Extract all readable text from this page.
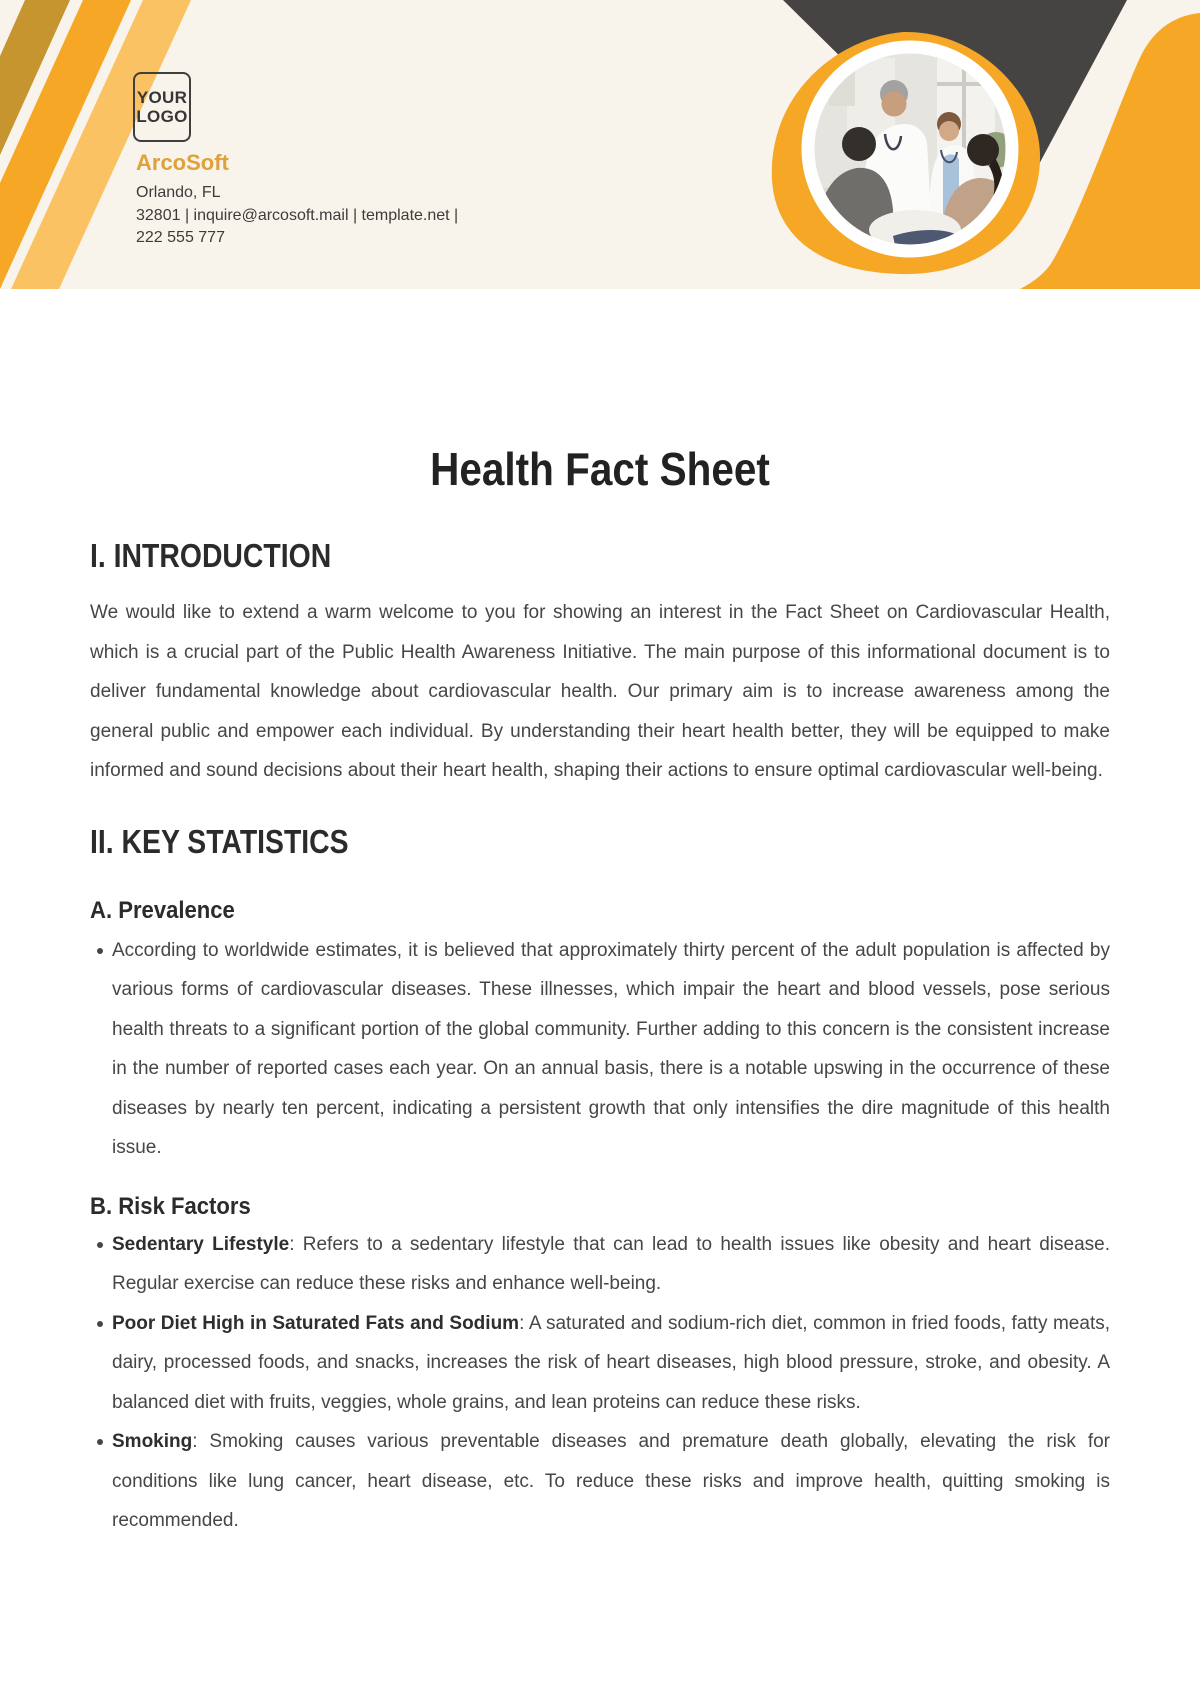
YOUR
LOGO
ArcoSoft
Orlando, FL
32801 | inquire@arcosoft.mail | template.net |
222 555 777
Health Fact Sheet
I. INTRODUCTION

We would like to extend a warm welcome to you for showing an interest in the Fact Sheet on Cardiovascular Health, which is a crucial part of the Public Health Awareness Initiative. The main purpose of this informational document is to deliver fundamental knowledge about cardiovascular health. Our primary aim is to increase awareness among the general public and empower each individual. By understanding their heart health better, they will be equipped to make informed and sound decisions about their heart health, shaping their actions to ensure optimal cardiovascular well-being.

II. KEY STATISTICS
A. Prevalence
According to worldwide estimates, it is believed that approximately thirty percent of the adult population is affected by various forms of cardiovascular diseases. These illnesses, which impair the heart and blood vessels, pose serious health threats to a significant portion of the global community. Further adding to this concern is the consistent increase in the number of reported cases each year. On an annual basis, there is a notable upswing in the occurrence of these diseases by nearly ten percent, indicating a persistent growth that only intensifies the dire magnitude of this health issue.
B. Risk Factors
Sedentary Lifestyle: Refers to a sedentary lifestyle that can lead to health issues like obesity and heart disease. Regular exercise can reduce these risks and enhance well-being.
Poor Diet High in Saturated Fats and Sodium: A saturated and sodium-rich diet, common in fried foods, fatty meats, dairy, processed foods, and snacks, increases the risk of heart diseases, high blood pressure, stroke, and obesity. A balanced diet with fruits, veggies, whole grains, and lean proteins can reduce these risks.
Smoking: Smoking causes various preventable diseases and premature death globally, elevating the risk for conditions like lung cancer, heart disease, etc. To reduce these risks and improve health, quitting smoking is recommended.
